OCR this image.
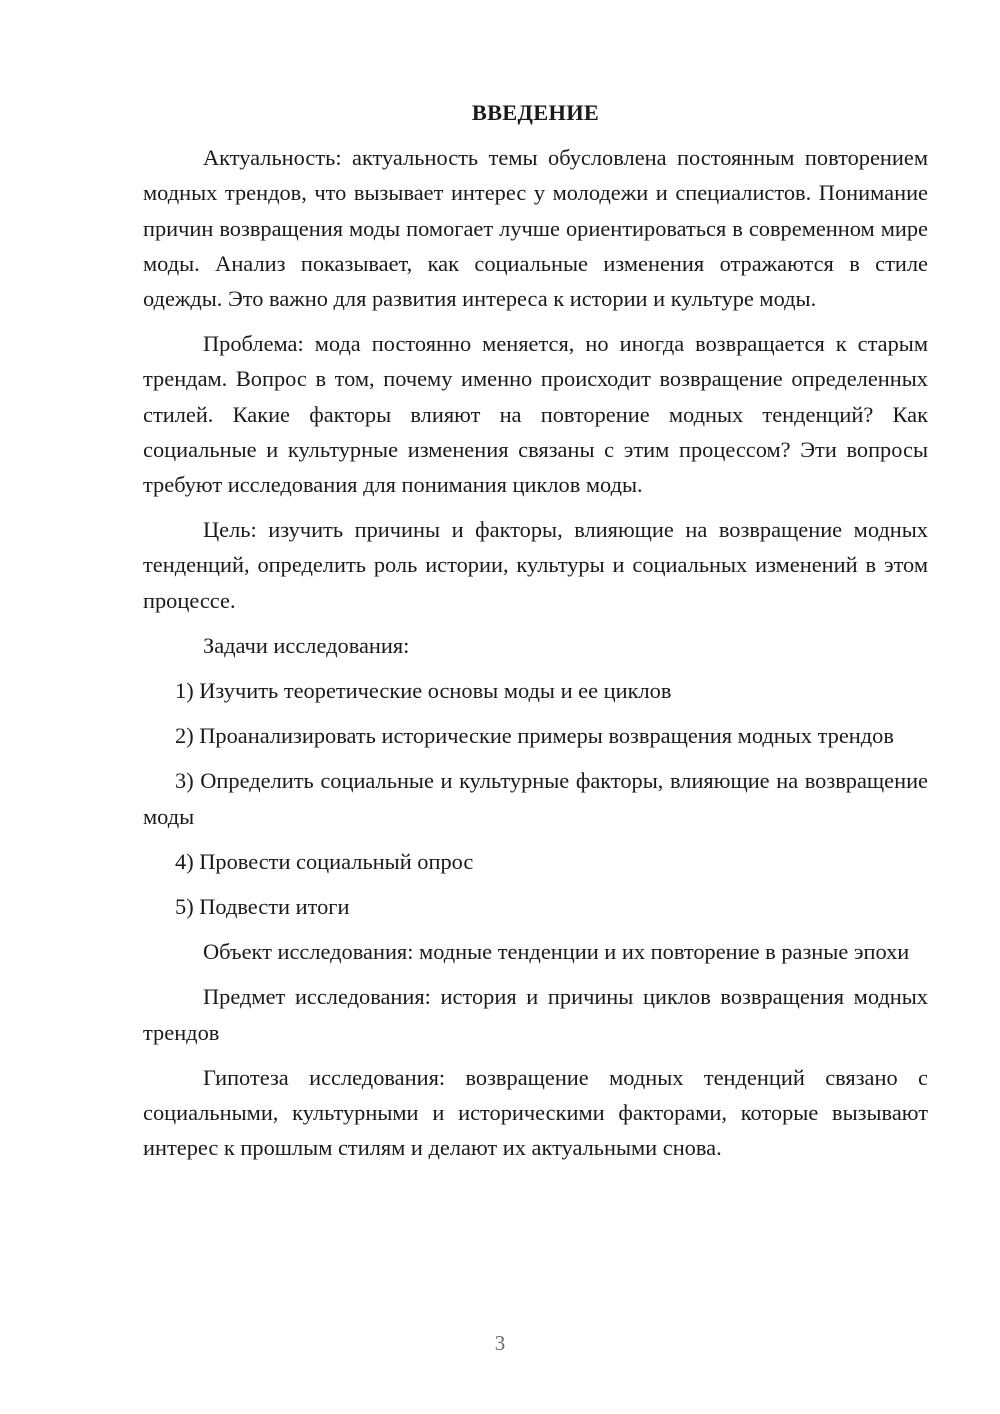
ВВЕДЕНИЕ

Актуальность: актуальность темы обусловлена постоянным повторением модных трендов, что вызывает интерес у молодежи и специалистов. Понимание причин возвращения моды помогает лучше ориентироваться в современном мире моды. Анализ показывает, как социальные изменения отражаются в стиле одежды. Это важно для развития интереса к истории и культуре моды.

Проблема: мода постоянно меняется, но иногда возвращается к старым трендам. Вопрос в том, почему именно происходит возвращение определенных стилей. Какие факторы влияют на повторение модных тенденций? Как социальные и культурные изменения связаны с этим процессом? Эти вопросы требуют исследования для понимания циклов моды.

Цель: изучить причины и факторы, влияющие на возвращение модных тенденций, определить роль истории, культуры и социальных изменений в этом процессе.

Задачи исследования:

1) Изучить теоретические основы моды и ее циклов

2) Проанализировать исторические примеры возвращения модных трендов

3) Определить социальные и культурные факторы, влияющие на возвращение моды

4) Провести социальный опрос

5) Подвести итоги

Объект исследования: модные тенденции и их повторение в разные эпохи

Предмет исследования: история и причины циклов возвращения модных трендов

Гипотеза исследования: возвращение модных тенденций связано с социальными, культурными и историческими факторами, которые вызывают интерес к прошлым стилям и делают их актуальными снова.

3
